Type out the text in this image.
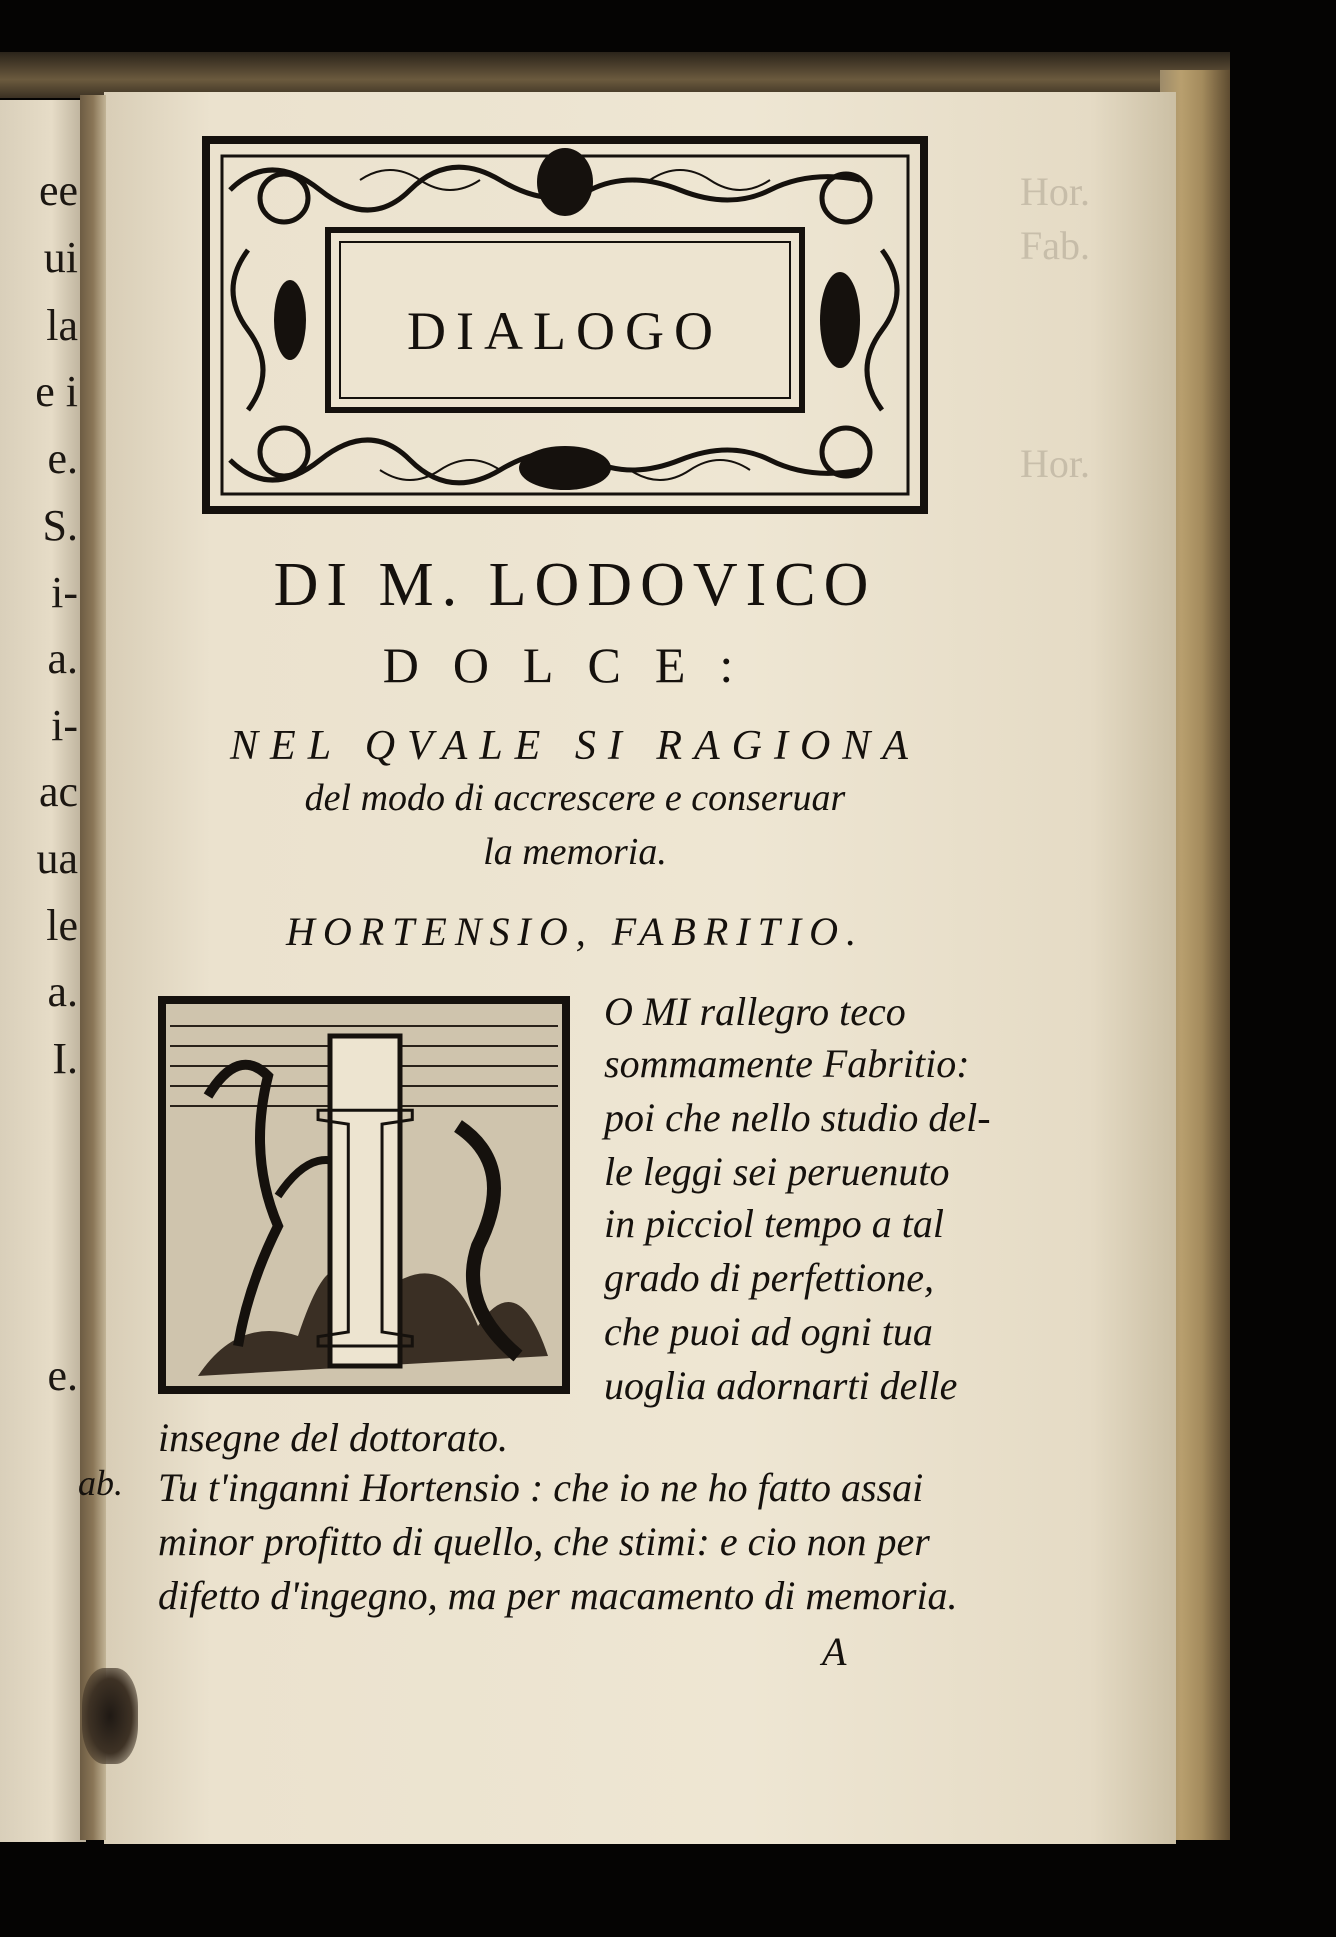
ee
ui
la
e i
e.
S.
i-
a.
i-
ac
ua
le
a.
I.
e.
Hor.
Fab.
Hor.
DIALOGO
DI M. LODOVICO
DOLCE:
NEL QVALE SI RAGIONA
del modo di accrescere e conseruar
la memoria.
HORTENSIO, FABRITIO.
I
O MI rallegro teco
sommamente Fabritio:
poi che nello studio del-
le leggi sei peruenuto
in picciol tempo a tal
grado di perfettione,
che puoi ad ogni tua
uoglia adornarti delle
insegne del dottorato.
ab. Tu t'inganni Hortensio : che io ne ho fatto assai
minor profitto di quello, che stimi: e cio non per
difetto d'ingegno, ma per macamento di memoria.
A
